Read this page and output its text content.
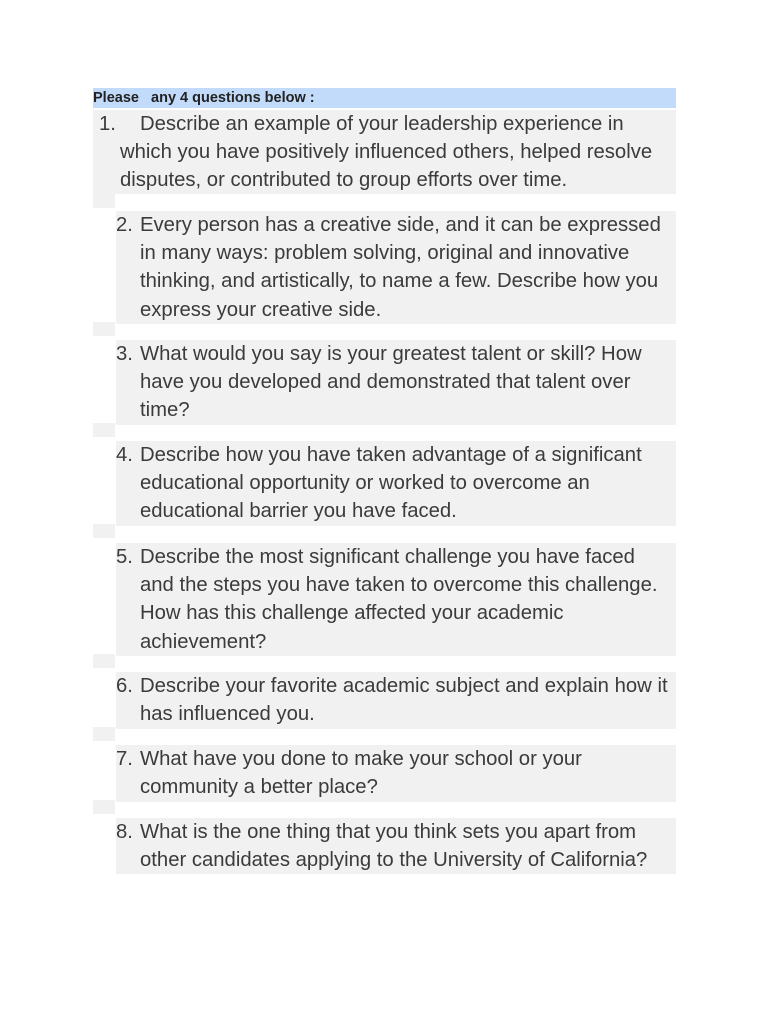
Please   any 4 questions below :
1.	Describe an example of your leadership experience in
which you have positively influenced others, helped resolve
disputes, or contributed to group efforts over time.
2. Every person has a creative side, and it can be expressed
in many ways: problem solving, original and innovative
thinking, and artistically, to name a few. Describe how you
express your creative side.
3. What would you say is your greatest talent or skill? How
have you developed and demonstrated that talent over
time?
4. Describe how you have taken advantage of a significant
educational opportunity or worked to overcome an
educational barrier you have faced.
5. Describe the most significant challenge you have faced
and the steps you have taken to overcome this challenge.
How has this challenge affected your academic
achievement?
6. Describe your favorite academic subject and explain how it
has influenced you.
7. What have you done to make your school or your
community a better place?
8. What is the one thing that you think sets you apart from
other candidates applying to the University of California?
